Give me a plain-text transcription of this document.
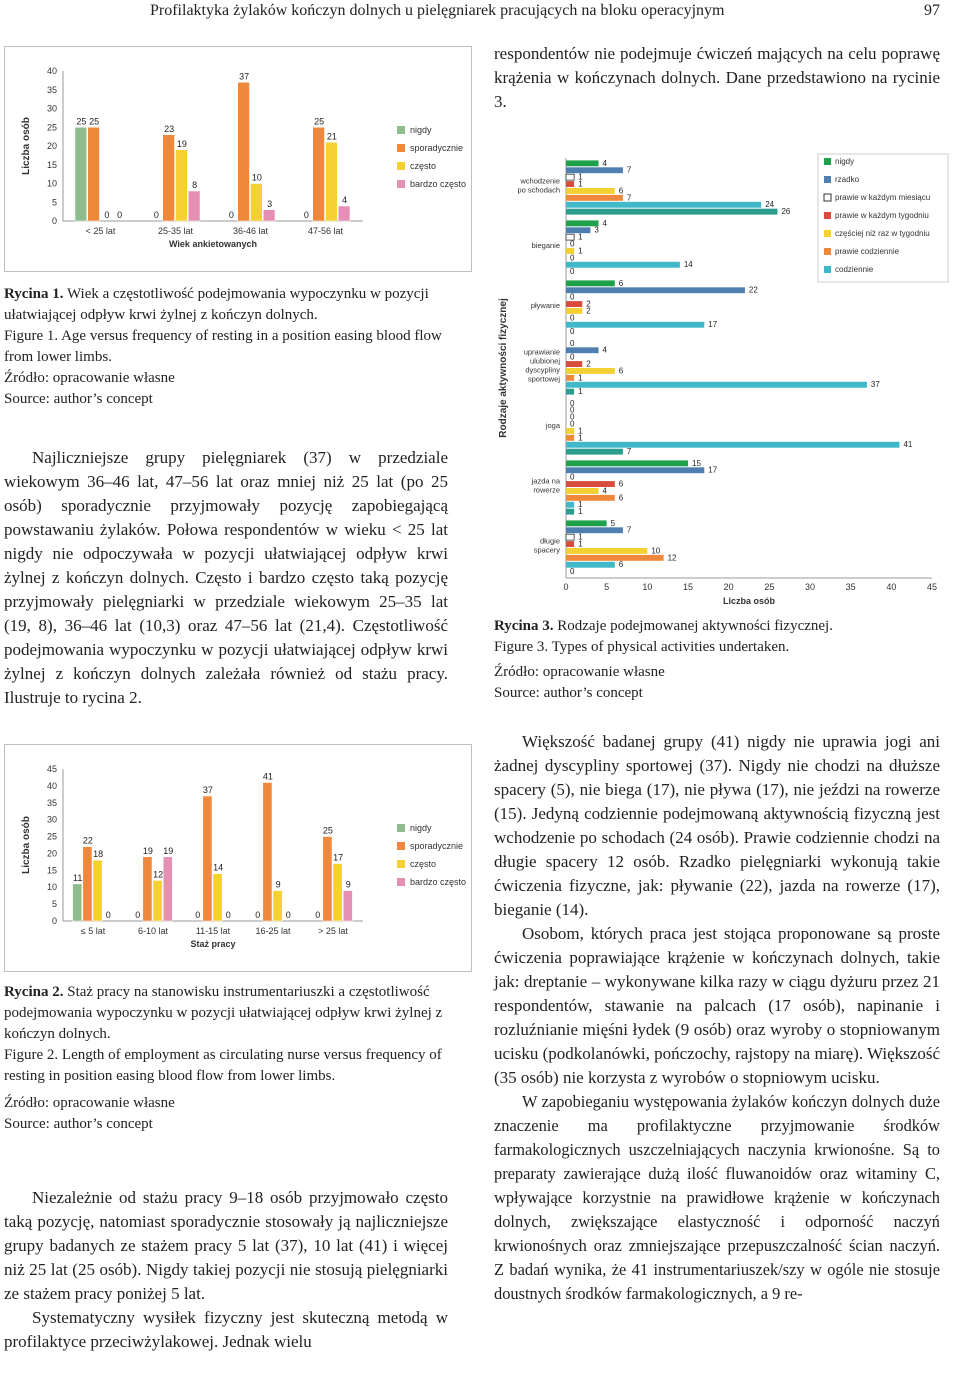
Profilaktyka żylaków kończyn dolnych u pielęgniarek pracujących na bloku operacyjnym	97
0
5
10
15
20
25
30
35
40
Liczba osób
< 25 lat
25 25
0 0
25-35 lat
0
23
19
8
36-46 lat
0
37
10
3
47-56 lat
0
25
21
4
Wiek ankietowanych
nigdy
sporadycznie
często
bardzo często

Rycina 1. Wiek a częstotliwość podejmowania wypoczynku w pozycji ułatwiającej odpływ krwi żylnej z kończyn dolnych.

Figure 1. Age versus frequency of resting in a position easing blood flow from lower limbs.

Źródło: opracowanie własne

Source: author’s concept

Najliczniejsze grupy pielęgniarek (37) w przedziale wiekowym 36–46 lat, 47–56 lat oraz mniej niż 25 lat (po 25 osób) sporadycznie przyjmowały pozycję zapobiegającą powstawaniu żylaków. Połowa respondentów w wieku < 25 lat nigdy nie odpoczywała w pozycji ułatwiającej odpływ krwi żylnej z kończyn dolnych. Często i bardzo często taką pozycję przyjmowały pielęgniarki w przedziale wiekowym 25–35 lat (19, 8), 36–46 lat (10,3) oraz 47–56 lat (21,4). Częstotliwość podejmowania wypoczynku w pozycji ułatwiającej odpływ krwi żylnej z kończyn dolnych zależała również od stażu pracy. Ilustruje to rycina 2.

0
5
10
15
20
25
30
35
40
45
Liczba osób
≤ 5 lat
11
22
18
0
6-10 lat
0
19
12
19
11-15 lat
0
37
14
0
16-25 lat
0
41
9
0
> 25 lat
0
25
17
9
Staż pracy
nigdy
sporadycznie
często
bardzo często

Rycina 2. Staż pracy na stanowisku instrumentariuszki a częstotliwość podejmowania wypoczynku w pozycji ułatwiającej odpływ krwi żylnej z kończyn dolnych.

Figure 2. Length of employment as circulating nurse versus frequency of resting in position easing blood flow from lower limbs.

Źródło: opracowanie własne

Source: author’s concept

Niezależnie od stażu pracy 9–18 osób przyjmowało często taką pozycję, natomiast sporadycznie stosowały ją najliczniejsze grupy badanych ze stażem pracy 5 lat (37), 10 lat (41) i więcej niż 25 lat (25 osób). Nigdy takiej pozycji nie stosują pielęgniarki ze stażem pracy poniżej 5 lat.

Systematyczny wysiłek fizyczny jest skuteczną metodą w profilaktyce przeciwżylakowej. Jednak wielu

respondentów nie podejmuje ćwiczeń mających na celu poprawę krążenia w kończynach dolnych. Dane przedstawiono na rycinie 3.

0	5	10	15	20	25	30	35	40	45
Liczba osób
Rodzaje aktywności fizycznej
wchodzenie
po schodach
4
7
1
1
6
7
24
26
bieganie
4
3
1
0
1
0
14
0
pływanie
6
22
0
2
2
0
17
0
uprawianie
ulubionej
dyscypliny
sportowej
0
4
0
2
6
1
37
1
joga
0
0
0
0
1
1
41
7
jazda na
rowerze
15
17
0
6
4
6
1
1
długie
spacery
5
7
1
1
10
12
6
0
nigdy
rzadko
prawie w każdym miesiącu
prawie w każdym tygodniu
częściej niż raz w tygodniu
prawie codziennie
codziennie

Rycina 3. Rodzaje podejmowanej aktywności fizycznej.

Figure 3. Types of physical activities undertaken.

Źródło: opracowanie własne

Source: author’s concept

Większość badanej grupy (41) nigdy nie uprawia jogi ani żadnej dyscypliny sportowej (37). Nigdy nie chodzi na dłuższe spacery (5), nie biega (17), nie pływa (17), nie jeździ na rowerze (15). Jedyną codziennie podejmowaną aktywnością fizyczną jest wchodzenie po schodach (24 osób). Prawie codziennie chodzi na długie spacery 12 osób. Rzadko pielęgniarki wykonują takie ćwiczenia fizyczne, jak: pływanie (22), jazda na rowerze (17), bieganie (14).

Osobom, których praca jest stojąca proponowane są proste ćwiczenia poprawiające krążenie w kończynach dolnych, takie jak: dreptanie – wykonywane kilka razy w ciągu dyżuru przez 21 respondentów, stawanie na palcach (17 osób), napinanie i rozluźnianie mięśni łydek (9 osób) oraz wyroby o stopniowanym ucisku (podkolanówki, pończochy, rajstopy na miarę). Większość (35 osób) nie korzysta z wyrobów o stopniowym ucisku.

W zapobieganiu występowania żylaków kończyn dolnych duże znaczenie ma profilaktyczne przyjmowanie środków farmakologicznych uszczelniających naczynia krwionośne. Są to preparaty zawierające dużą ilość fluwanoidów oraz witaminy C, wpływające korzystnie na prawidłowe krążenie w kończynach dolnych, zwiększające elastyczność i odporność naczyń krwionośnych oraz zmniejszające przepuszczalność ścian naczyń. Z badań wynika, że 41 instrumentariuszek/szy w ogóle nie stosuje doustnych środków farmakologicznych, a 9 re-
